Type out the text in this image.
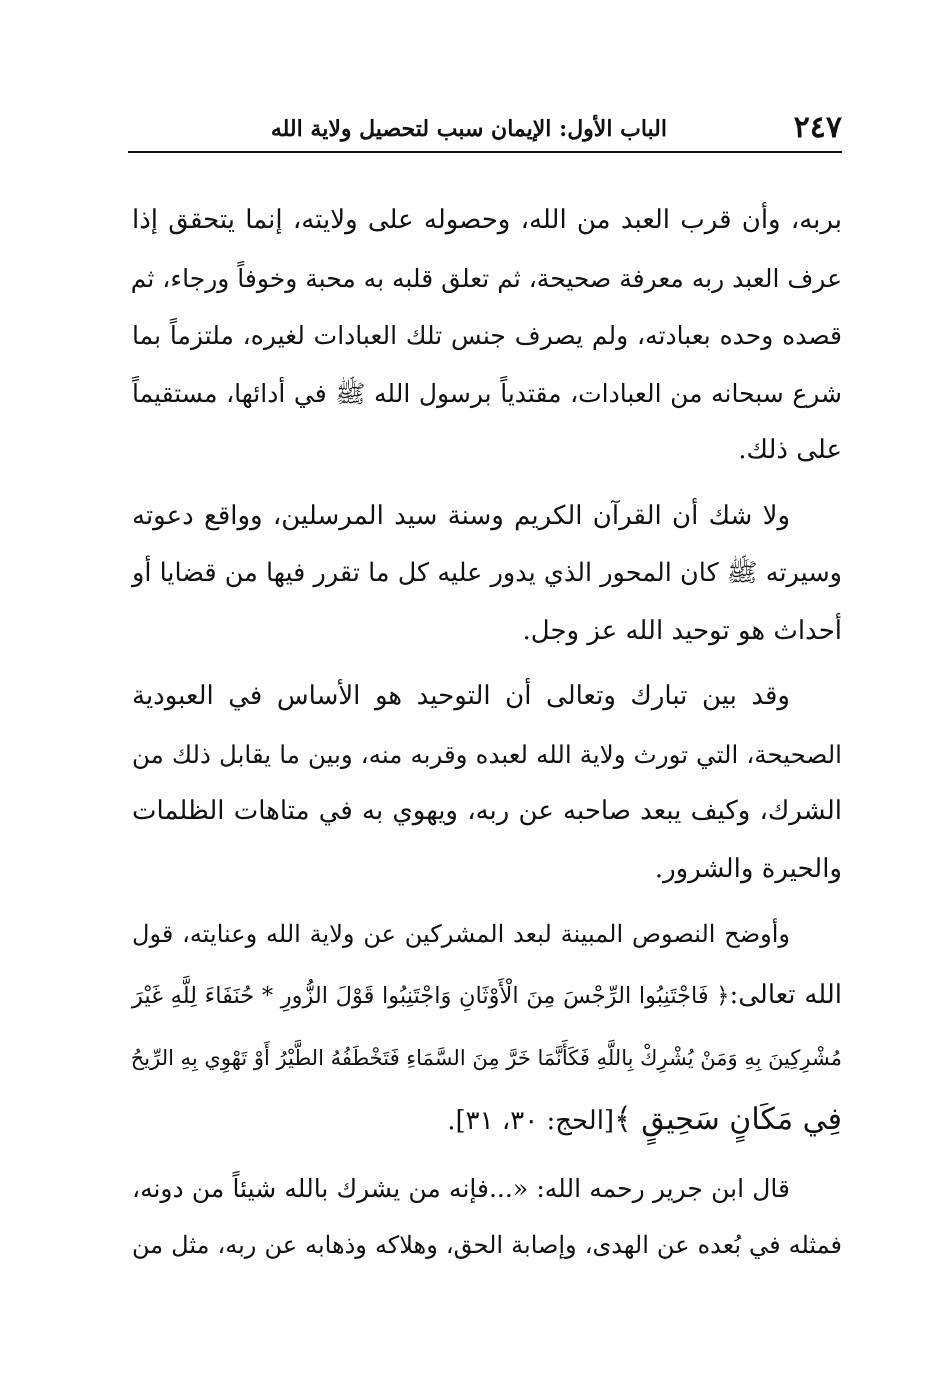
٢٤٧
الباب الأول: الإيمان سبب لتحصيل ولاية الله
بربه، وأن قرب العبد من الله، وحصوله على ولايته، إنما يتحقق إذا
عرف العبد ربه معرفة صحيحة، ثم تعلق قلبه به محبة وخوفاً ورجاء، ثم
قصده وحده بعبادته، ولم يصرف جنس تلك العبادات لغيره، ملتزماً بما
شرع سبحانه من العبادات، مقتدياً برسول الله ﷺ في أدائها، مستقيماً
على ذلك.
ولا شك أن القرآن الكريم وسنة سيد المرسلين، وواقع دعوته
وسيرته ﷺ كان المحور الذي يدور عليه كل ما تقرر فيها من قضايا أو
أحداث هو توحيد الله عز وجل.
وقد بين تبارك وتعالى أن التوحيد هو الأساس في العبودية
الصحيحة، التي تورث ولاية الله لعبده وقربه منه، وبين ما يقابل ذلك من
الشرك، وكيف يبعد صاحبه عن ربه، ويهوي به في متاهات الظلمات
والحيرة والشرور.
وأوضح النصوص المبينة لبعد المشركين عن ولاية الله وعنايته، قول
الله تعالى:﴿ فَاجْتَنِبُوا الرِّجْسَ مِنَ الْأَوْثَانِ وَاجْتَنِبُوا قَوْلَ الزُّورِ * حُنَفَاءَ لِلَّهِ غَيْرَ
مُشْرِكِينَ بِهِ وَمَنْ يُشْرِكْ بِاللَّهِ فَكَأَنَّمَا خَرَّ مِنَ السَّمَاءِ فَتَخْطَفُهُ الطَّيْرُ أَوْ تَهْوِي بِهِ الرِّيحُ
فِي مَكَانٍ سَحِيقٍ ﴾[الحج: ٣٠، ٣١].
قال ابن جرير رحمه الله: «...فإنه من يشرك بالله شيئاً من دونه،
فمثله في بُعده عن الهدى، وإصابة الحق، وهلاكه وذهابه عن ربه، مثل من
